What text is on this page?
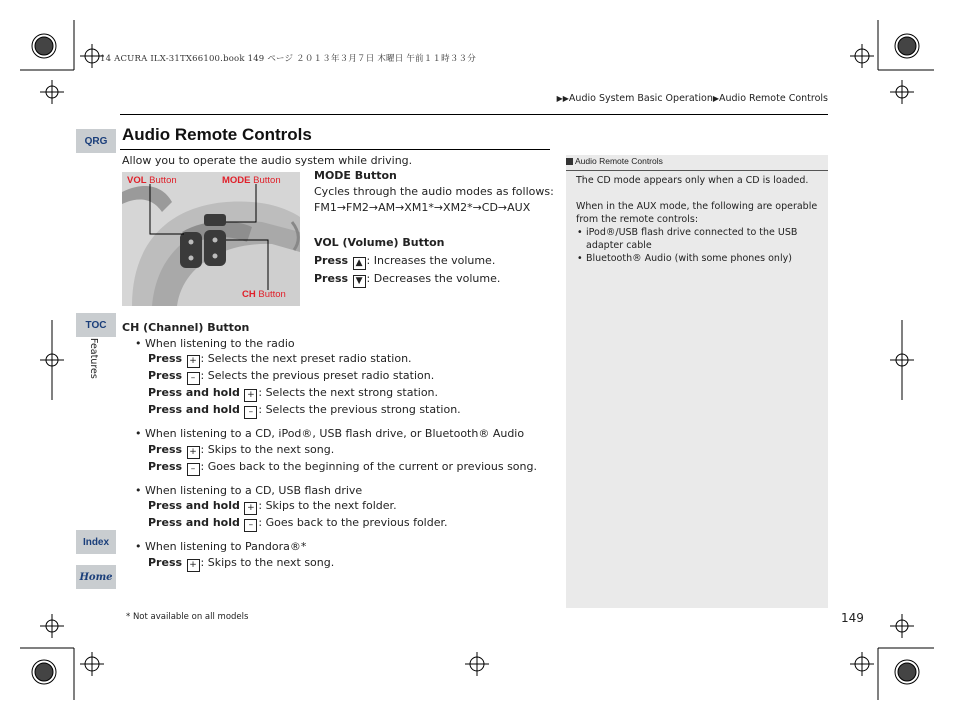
14 ACURA ILX-31TX66100.book 149 ページ ２０１３年３月７日 木曜日 午前１１時３３分
▶▶Audio System Basic Operation▶Audio Remote Controls
Audio Remote Controls
QRG
TOC
Index
Home
Features
Allow you to operate the audio system while driving.
VOL Button	MODE Button
CH Button
MODE Button
Cycles through the audio modes as follows:
FM1→FM2→AM→XM1*→XM2*→CD→AUX
VOL (Volume) Button
Press ▲ : Increases the volume.
Press ▼ : Decreases the volume.
CH (Channel) Button
• When listening to the radio
Press + : Selects the next preset radio station.
Press – : Selects the previous preset radio station.
Press and hold + : Selects the next strong station.
Press and hold – : Selects the previous strong station.
• When listening to a CD, iPod®, USB flash drive, or Bluetooth® Audio
Press + : Skips to the next song.
Press – : Goes back to the beginning of the current or previous song.
• When listening to a CD, USB flash drive
Press and hold + : Skips to the next folder.
Press and hold – : Goes back to the previous folder.
• When listening to Pandora®*
Press + : Skips to the next song.
Audio Remote Controls

The CD mode appears only when a CD is loaded.

When in the AUX mode, the following are operable from the remote controls:

• iPod®/USB flash drive connected to the USB adapter cable
• Bluetooth® Audio (with some phones only)
* Not available on all models	149
